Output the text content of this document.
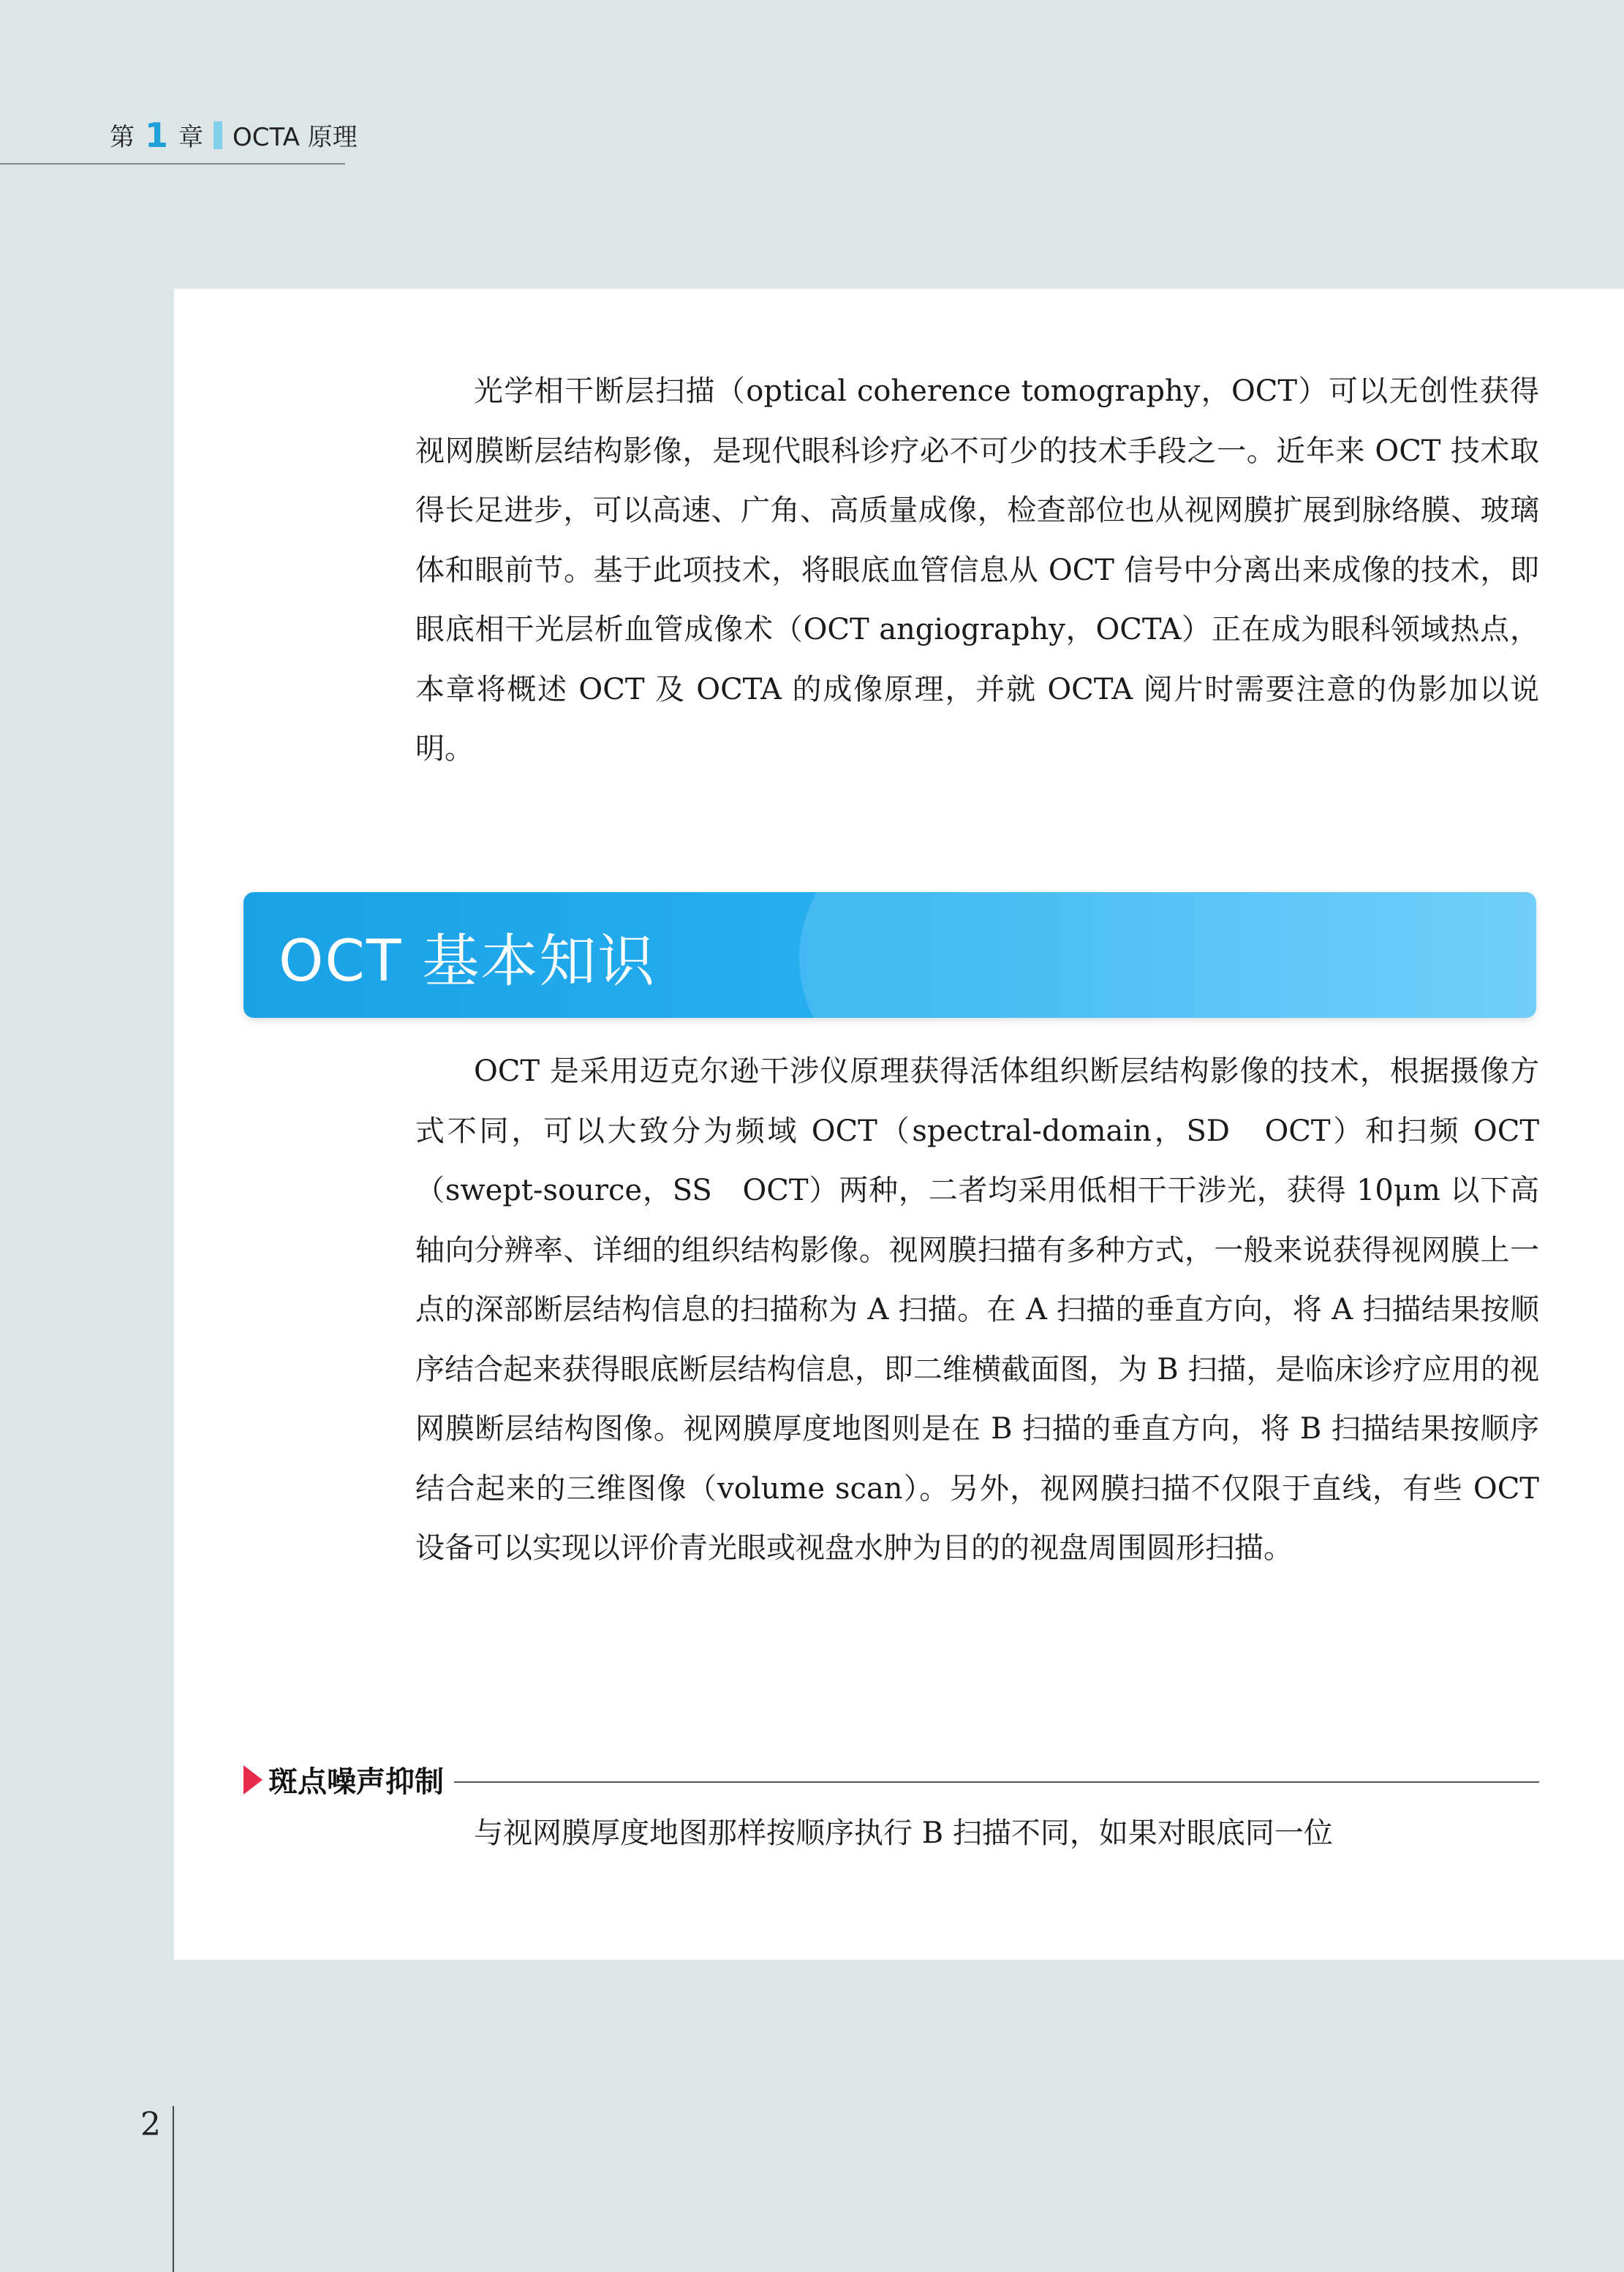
第 1 章 OCTA 原理

光学相干断层扫描（optical coherence tomography，OCT）可以无创性获得视网膜断层结构影像，是现代眼科诊疗必不可少的技术手段之一。近年来 OCT 技术取得长足进步，可以高速、广角、高质量成像，检查部位也从视网膜扩展到脉络膜、玻璃体和眼前节。基于此项技术，将眼底血管信息从 OCT 信号中分离出来成像的技术，即眼底相干光层析血管成像术（OCT angiography，OCTA）正在成为眼科领域热点，本章将概述 OCT 及 OCTA 的成像原理，并就 OCTA 阅片时需要注意的伪影加以说明。

OCT 基本知识

OCT 是采用迈克尔逊干涉仪原理获得活体组织断层结构影像的技术，根据摄像方式不同，可以大致分为频域 OCT（spectral-domain，SD　OCT）和扫频 OCT（swept-source，SS　OCT）两种，二者均采用低相干干涉光，获得 10μm 以下高轴向分辨率、详细的组织结构影像。视网膜扫描有多种方式，一般来说获得视网膜上一点的深部断层结构信息的扫描称为 A 扫描。在 A 扫描的垂直方向，将 A 扫描结果按顺序结合起来获得眼底断层结构信息，即二维横截面图，为 B 扫描，是临床诊疗应用的视网膜断层结构图像。视网膜厚度地图则是在 B 扫描的垂直方向，将 B 扫描结果按顺序结合起来的三维图像（volume scan）。另外，视网膜扫描不仅限于直线，有些 OCT 设备可以实现以评价青光眼或视盘水肿为目的的视盘周围圆形扫描。

斑点噪声抑制

与视网膜厚度地图那样按顺序执行 B 扫描不同，如果对眼底同一位

2
